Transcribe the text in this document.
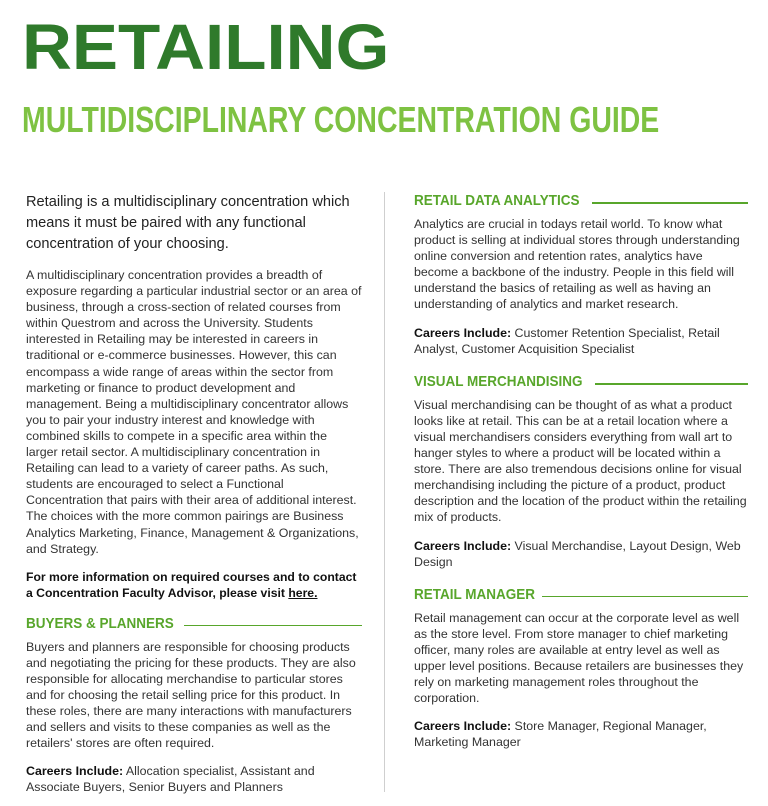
RETAILING
MULTIDISCIPLINARY CONCENTRATION GUIDE

Retailing is a multidisciplinary concentration which means it must be paired with any functional concentration of your choosing.

A multidisciplinary concentration provides a breadth of exposure regarding a particular industrial sector or an area of business, through a cross-section of related courses from within Questrom and across the University. Students interested in Retailing may be interested in careers in traditional or e-commerce businesses. However, this can encompass a wide range of areas within the sector from marketing or finance to product development and management. Being a multidisciplinary concentrator allows you to pair your industry interest and knowledge with combined skills to compete in a specific area within the larger retail sector. A multidisciplinary concentration in Retailing can lead to a variety of career paths. As such, students are encouraged to select a Functional Concentration that pairs with their area of additional interest. The choices with the more common pairings are Business Analytics Marketing, Finance, Management & Organizations, and Strategy.

For more information on required courses and to contact a Concentration Faculty Advisor, please visit here.

BUYERS & PLANNERS

Buyers and planners are responsible for choosing products and negotiating the pricing for these products. They are also responsible for allocating merchandise to particular stores and for choosing the retail selling price for this product. In these roles, there are many interactions with manufacturers and sellers and visits to these companies as well as the retailers' stores are often required.

Careers Include: Allocation specialist, Assistant and Associate Buyers, Senior Buyers and Planners

RETAIL DATA ANALYTICS

Analytics are crucial in todays retail world. To know what product is selling at individual stores through understanding online conversion and retention rates, analytics have become a backbone of the industry. People in this field will understand the basics of retailing as well as having an understanding of analytics and market research.

Careers Include: Customer Retention Specialist, Retail Analyst, Customer Acquisition Specialist

VISUAL MERCHANDISING

Visual merchandising can be thought of as what a product looks like at retail. This can be at a retail location where a visual merchandisers considers everything from wall art to hanger styles to where a product will be located within a store. There are also tremendous decisions online for visual merchandising including the picture of a product, product description and the location of the product within the retailing mix of products.

Careers Include: Visual Merchandise, Layout Design, Web Design

RETAIL MANAGER

Retail management can occur at the corporate level as well as the store level. From store manager to chief marketing officer, many roles are available at entry level as well as upper level positions. Because retailers are businesses they rely on marketing management roles throughout the corporation.

Careers Include: Store Manager, Regional Manager, Marketing Manager
